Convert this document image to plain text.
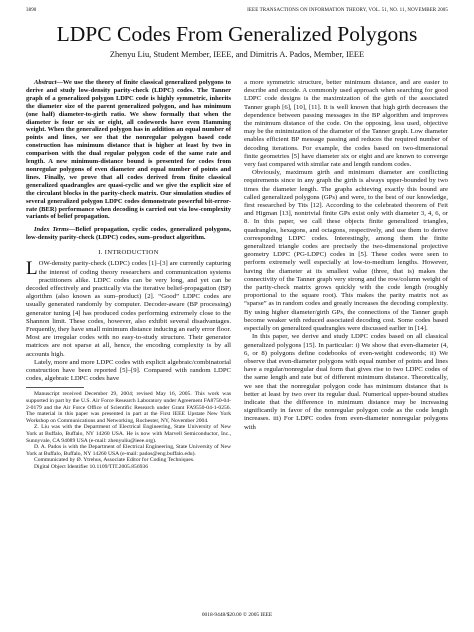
3890	IEEE TRANSACTIONS ON INFORMATION THEORY, VOL. 51, NO. 11, NOVEMBER 2005
LDPC Codes From Generalized Polygons
Zhenyu Liu, Student Member, IEEE, and Dimitris A. Pados, Member, IEEE

Abstract—We use the theory of finite classical generalized polygons to derive and study low-density parity-check (LDPC) codes. The Tanner graph of a generalized polygon LDPC code is highly symmetric, inherits the diameter size of the parent generalized polygon, and has minimum (one half) diameter-to-girth ratio. We show formally that when the diameter is four or six or eight, all codewords have even Hamming weight. When the generalized polygon has in addition an equal number of points and lines, we see that the nonregular polygon based code construction has minimum distance that is higher at least by two in comparison with the dual regular polygon code of the same rate and length. A new minimum-distance bound is presented for codes from nonregular polygons of even diameter and equal number of points and lines. Finally, we prove that all codes derived from finite classical generalized quadrangles are quasi-cyclic and we give the explicit size of the circulant blocks in the parity-check matrix. Our simulation studies of several generalized polygon LDPC codes demonstrate powerful bit-error-rate (BER) performance when decoding is carried out via low-complexity variants of belief propagation.

Index Terms—Belief propagation, cyclic codes, generalized polygons, low-density parity-check (LDPC) codes, sum–product algorithm.

I. INTRODUCTION

LOW-density parity-check (LDPC) codes [1]–[3] are currently capturing the interest of coding theory researchers and communication systems practitioners alike. LDPC codes can be very long, and yet can be decoded effectively and practically via the iterative belief-propagation (BP) algorithm (also known as sum–product) [2]. “Good” LDPC codes are usually generated randomly by computer. Decoder-aware (BP processing) generator tuning [4] has produced codes performing extremely close to the Shannon limit. These codes, however, also exhibit several disadvantages. Frequently, they have small minimum distance inducing an early error floor. Most are irregular codes with no easy-to-study structure. Their generator matrices are not sparse at all, hence, the encoding complexity is by all accounts high.

Lately, more and more LDPC codes with explicit algebraic/combinatorial construction have been reported [5]–[9]. Compared with random LDPC codes, algebraic LDPC codes have

Manuscript received December 29, 2004; revised May 16, 2005. This work was supported in part by the U.S. Air Force Research Laboratory under Agreement FA8750-04-2-0179 and the Air Force Office of Scientific Research under Grant FA9550-04-1-0256. The material in this paper was presented in part at the First IEEE Upstate New York Workshop on Communications and Networking, Rochester, NY, November 2004.

Z. Liu was with the Department of Electrical Engineering, State University of New York at Buffalo, Buffalo, NY 14260 USA. He is now with Marvell Semiconductor, Inc., Sunnyvale, CA 94089 USA (e-mail: zhenyuliu@ieee.org).

D. A. Pados is with the Department of Electrical Engineering, State University of New York at Buffalo, Buffalo, NY 14260 USA (e-mail: pados@eng.buffalo.edu).

Communicated by Ø. Ytrehus, Associate Editor for Coding Techniques.

Digital Object Identifier 10.1109/TIT.2005.856936

a more symmetric structure, better minimum distance, and are easier to describe and encode. A commonly used approach when searching for good LDPC code designs is the maximization of the girth of the associated Tanner graph [6], [10], [11]. It is well known that high girth decreases the dependence between passing messages in the BP algorithm and improves the minimum distance of the code. On the opposing, less used, objective may be the minimization of the diameter of the Tanner graph. Low diameter enables efficient BP message passing and reduces the required number of decoding iterations. For example, the codes based on two-dimensional finite geometries [5] have diameter six or eight and are known to converge very fast compared with similar rate and length random codes.

Obviously, maximum girth and minimum diameter are conflicting requirements since in any graph the girth is always upper-bounded by two times the diameter length. The graphs achieving exactly this bound are called generalized polygons (GPs) and were, to the best of our knowledge, first researched by Tits [12]. According to the celebrated theorem of Feit and Higman [13], nontrivial finite GPs exist only with diameter 3, 4, 6, or 8. In this paper, we call these objects finite generalized triangles, quadrangles, hexagons, and octagons, respectively, and use them to derive corresponding LDPC codes. Interestingly, among them the finite generalized triangle codes are precisely the two-dimensional projective geometry LDPC (PG-LDPC) codes in [5]. These codes were seen to perform extremely well especially at low-to-medium lengths. However, having the diameter at its smallest value (three, that is) makes the connectivity of the Tanner graph very strong and the row/column weight of the parity-check matrix grows quickly with the code length (roughly proportional to the square root). This makes the parity matrix not as “sparse” as in random codes and greatly increases the decoding complexity. By using higher diameter/girth GPs, the connections of the Tanner graph become weaker with reduced associated decoding cost. Some codes based especially on generalized quadrangles were discussed earlier in [14].

In this paper, we derive and study LDPC codes based on all classical generalized polygons [15]. In particular: i) We show that even-diameter (4, 6, or 8) polygons define codebooks of even-weight codewords; ii) We observe that even-diameter polygons with equal number of points and lines have a regular/nonregular dual form that gives rise to two LDPC codes of the same length and rate but of different minimum distance. Theoretically, we see that the nonregular polygon code has minimum distance that is better at least by two over its regular dual. Numerical upper-bound studies indicate that the difference in minimum distance may be increasing significantly in favor of the nonregular polygon code as the code length increases. iii) For LDPC codes from even-diameter nonregular polygons with

0018-9448/$20.00 © 2005 IEEE
